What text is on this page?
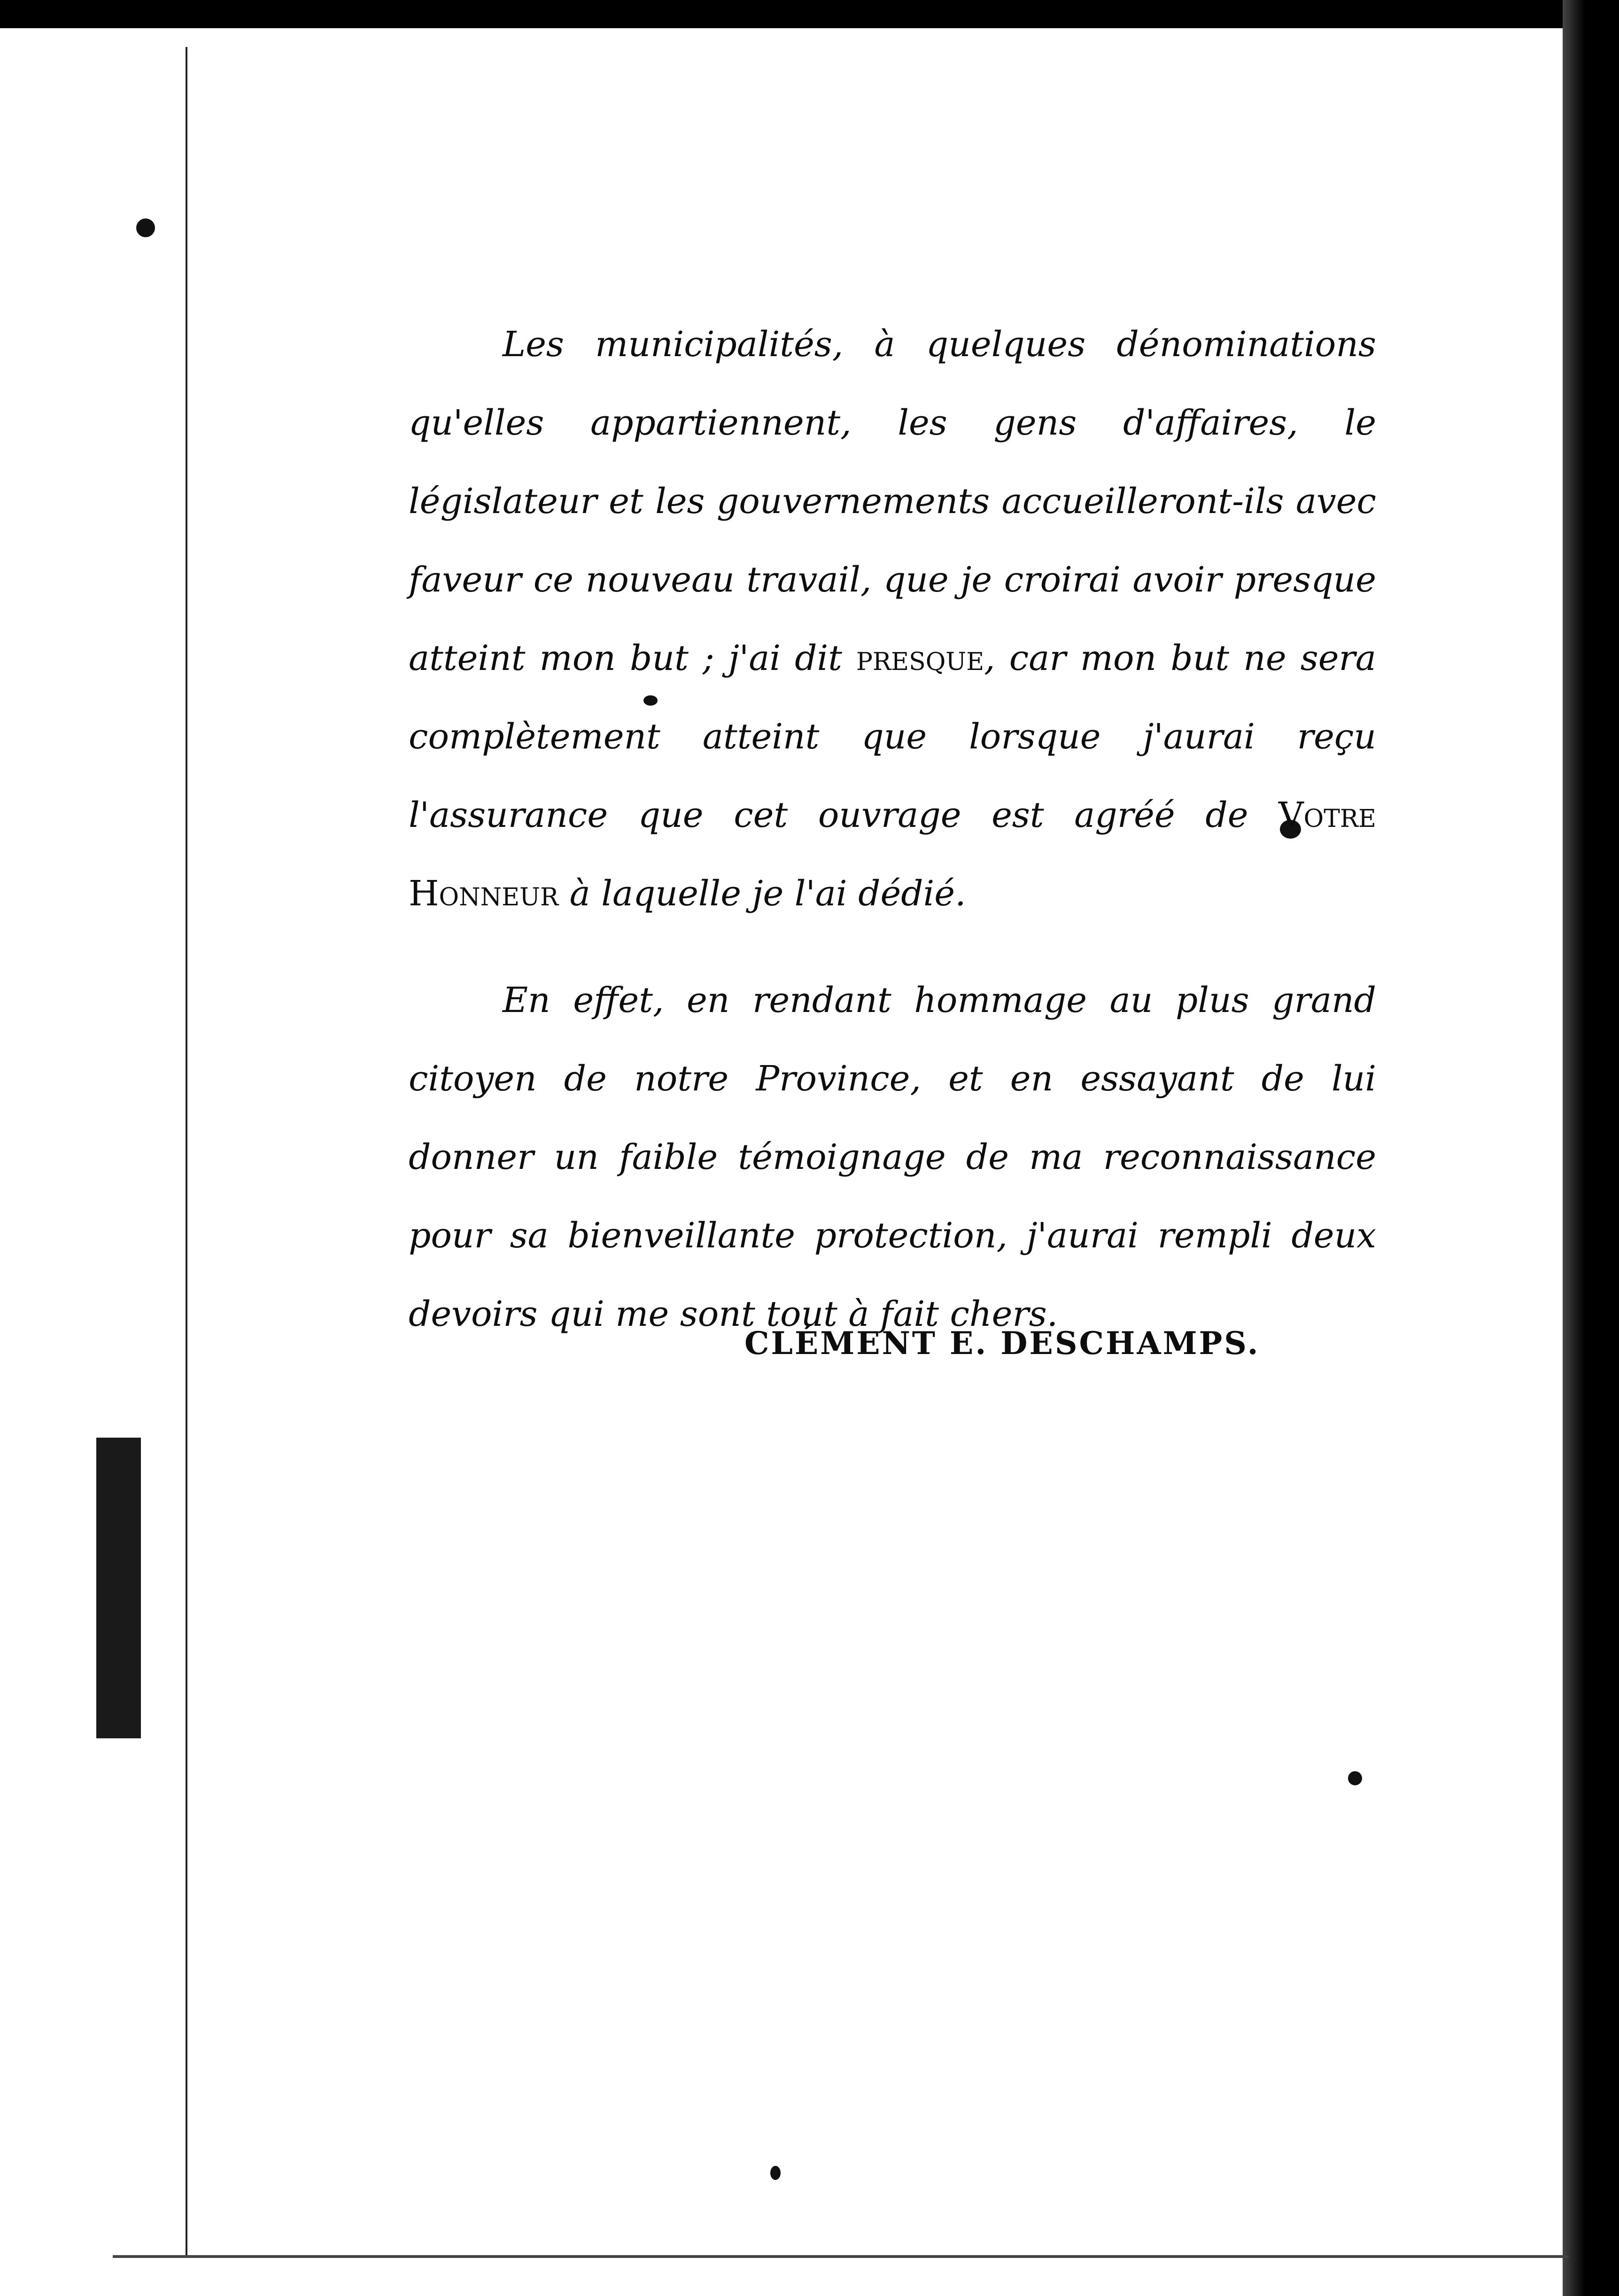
Les municipalités, à quelques dénominations qu'elles appartiennent, les gens d'affaires, le législateur et les gouvernements accueilleront-ils avec faveur ce nouveau travail, que je croirai avoir presque atteint mon but ; j'ai dit presque, car mon but ne sera complètement atteint que lorsque j'aurai reçu l'assurance que cet ouvrage est agréé de Votre Honneur à laquelle je l'ai dédié.

En effet, en rendant hommage au plus grand citoyen de notre Province, et en essayant de lui donner un faible témoignage de ma reconnaissance pour sa bienveillante protection, j'aurai rempli deux devoirs qui me sont tout à fait chers.

CLÉMENT E. DESCHAMPS.
